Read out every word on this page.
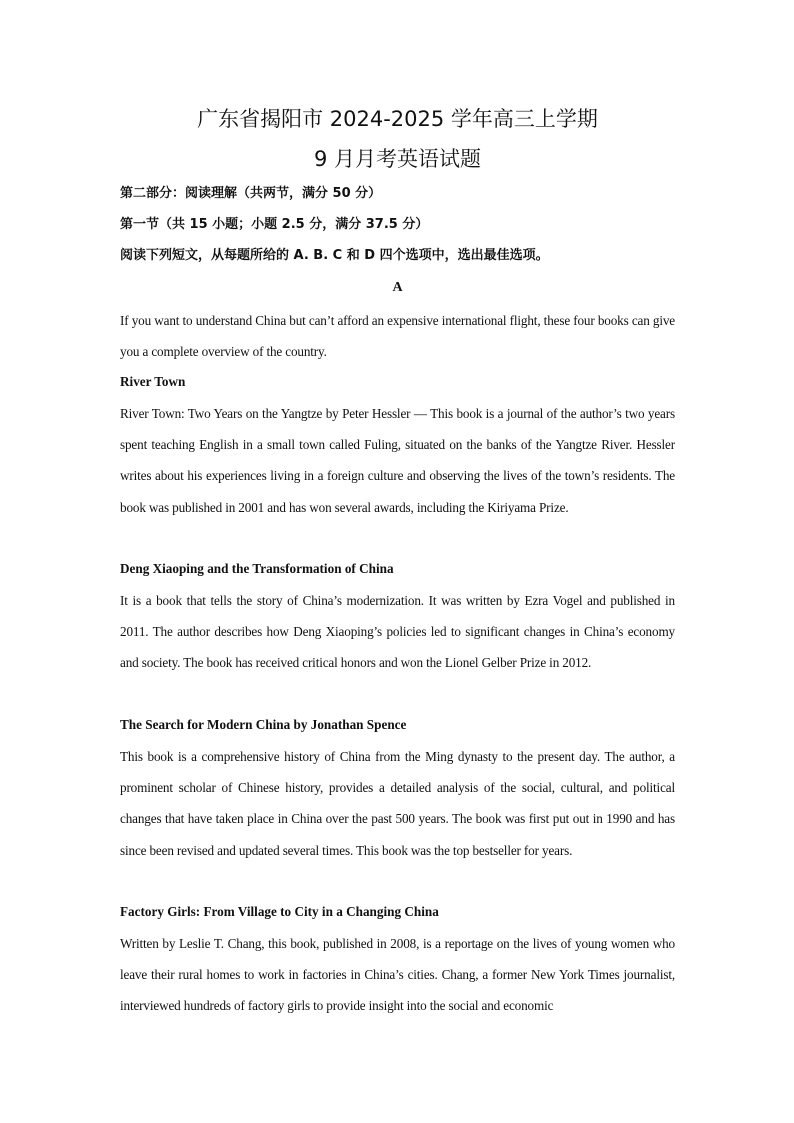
广东省揭阳市 2024-2025 学年高三上学期
9 月月考英语试题
第二部分：阅读理解（共两节，满分 50 分）
第一节（共 15 小题；小题 2.5 分，满分 37.5 分）
阅读下列短文，从每题所给的 A. B. C 和 D 四个选项中，选出最佳选项。
A
If you want to understand China but can’t afford an expensive international flight, these four books can give you a complete overview of the country.
River Town
River Town: Two Years on the Yangtze by Peter Hessler — This book is a journal of the author’s two years spent teaching English in a small town called Fuling, situated on the banks of the Yangtze River. Hessler writes about his experiences living in a foreign culture and observing the lives of the town’s residents. The book was published in 2001 and has won several awards, including the Kiriyama Prize.
Deng Xiaoping and the Transformation of China
It is a book that tells the story of China’s modernization. It was written by Ezra Vogel and published in 2011. The author describes how Deng Xiaoping’s policies led to significant changes in China’s economy and society. The book has received critical honors and won the Lionel Gelber Prize in 2012.
The Search for Modern China by Jonathan Spence
This book is a comprehensive history of China from the Ming dynasty to the present day. The author, a prominent scholar of Chinese history, provides a detailed analysis of the social, cultural, and political changes that have taken place in China over the past 500 years. The book was first put out in 1990 and has since been revised and updated several times. This book was the top bestseller for years.
Factory Girls: From Village to City in a Changing China
Written by Leslie T. Chang, this book, published in 2008, is a reportage on the lives of young women who leave their rural homes to work in factories in China’s cities. Chang, a former New York Times journalist, interviewed hundreds of factory girls to provide insight into the social and economic
